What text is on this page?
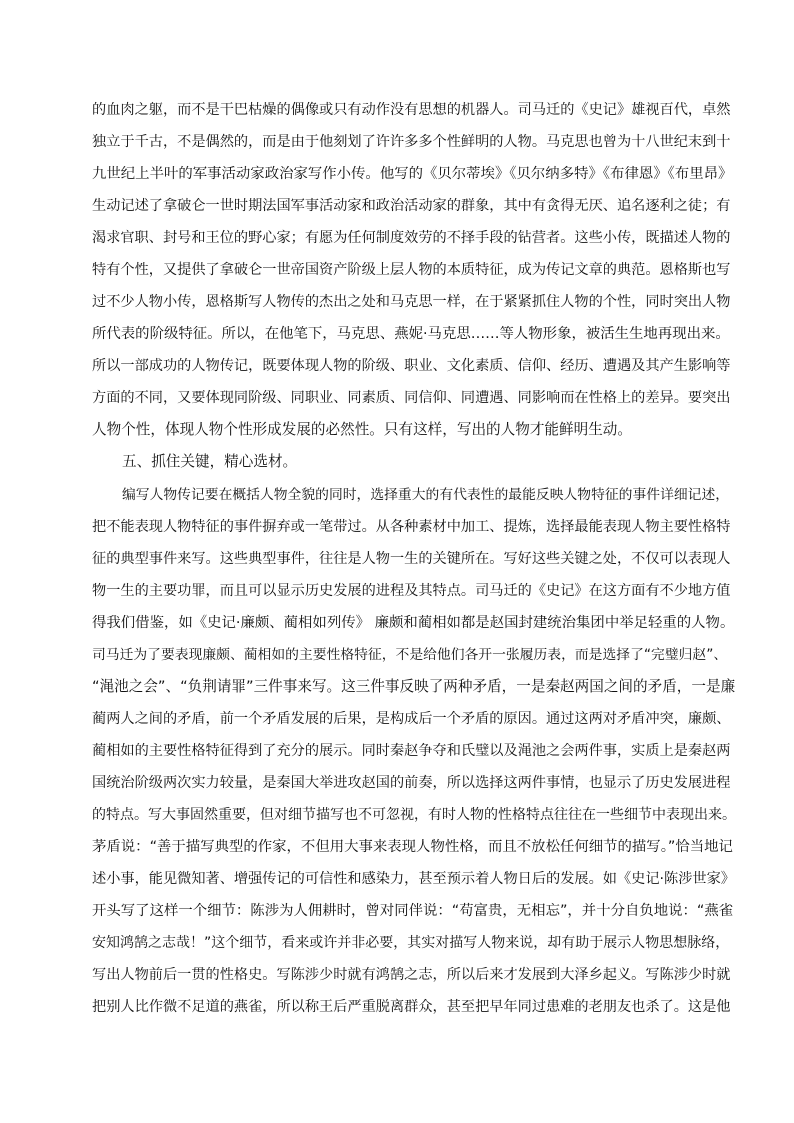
的血肉之躯，而不是干巴枯燥的偶像或只有动作没有思想的机器人。司马迁的《史记》雄视百代，卓然
独立于千古，不是偶然的，而是由于他刻划了许许多多个性鲜明的人物。马克思也曾为十八世纪末到十
九世纪上半叶的军事活动家政治家写作小传。他写的《贝尔蒂埃》《贝尔纳多特》《布律恩》《布里昂》
生动记述了拿破仑一世时期法国军事活动家和政治活动家的群象，其中有贪得无厌、追名逐利之徒；有
渴求官职、封号和王位的野心家；有愿为任何制度效劳的不择手段的钻营者。这些小传，既描述人物的
特有个性，又提供了拿破仑一世帝国资产阶级上层人物的本质特征，成为传记文章的典范。恩格斯也写
过不少人物小传，恩格斯写人物传的杰出之处和马克思一样，在于紧紧抓住人物的个性，同时突出人物
所代表的阶级特征。所以，在他笔下，马克思、燕妮·马克思……等人物形象，被活生生地再现出来。
所以一部成功的人物传记，既要体现人物的阶级、职业、文化素质、信仰、经历、遭遇及其产生影响等
方面的不同，又要体现同阶级、同职业、同素质、同信仰、同遭遇、同影响而在性格上的差异。要突出
人物个性，体现人物个性形成发展的必然性。只有这样，写出的人物才能鲜明生动。
五、抓住关键，精心选材。
编写人物传记要在概括人物全貌的同时，选择重大的有代表性的最能反映人物特征的事件详细记述，
把不能表现人物特征的事件摒弃或一笔带过。从各种素材中加工、提炼，选择最能表现人物主要性格特
征的典型事件来写。这些典型事件，往往是人物一生的关键所在。写好这些关键之处，不仅可以表现人
物一生的主要功罪，而且可以显示历史发展的进程及其特点。司马迁的《史记》在这方面有不少地方值
得我们借鉴，如《史记·廉颇、蔺相如列传》 廉颇和蔺相如都是赵国封建统治集团中举足轻重的人物。
司马迁为了要表现廉颇、蔺相如的主要性格特征，不是给他们各开一张履历表，而是选择了“完璧归赵”、
“渑池之会”、“负荆请罪”三件事来写。这三件事反映了两种矛盾，一是秦赵两国之间的矛盾，一是廉
蔺两人之间的矛盾，前一个矛盾发展的后果，是构成后一个矛盾的原因。通过这两对矛盾冲突，廉颇、
蔺相如的主要性格特征得到了充分的展示。同时秦赵争夺和氏璧以及渑池之会两件事，实质上是秦赵两
国统治阶级两次实力较量，是秦国大举进攻赵国的前奏，所以选择这两件事情，也显示了历史发展进程
的特点。写大事固然重要，但对细节描写也不可忽视，有时人物的性格特点往往在一些细节中表现出来。
茅盾说：“善于描写典型的作家，不但用大事来表现人物性格，而且不放松任何细节的描写。”恰当地记
述小事，能见微知著、增强传记的可信性和感染力，甚至预示着人物日后的发展。如《史记·陈涉世家》
开头写了这样一个细节：陈涉为人佣耕时，曾对同伴说：“苟富贵，无相忘”，并十分自负地说：“燕雀
安知鸿鹄之志哉！”这个细节，看来或许并非必要，其实对描写人物来说，却有助于展示人物思想脉络，
写出人物前后一贯的性格史。写陈涉少时就有鸿鹄之志，所以后来才发展到大泽乡起义。写陈涉少时就
把别人比作微不足道的燕雀，所以称王后严重脱离群众，甚至把早年同过患难的老朋友也杀了。这是他
